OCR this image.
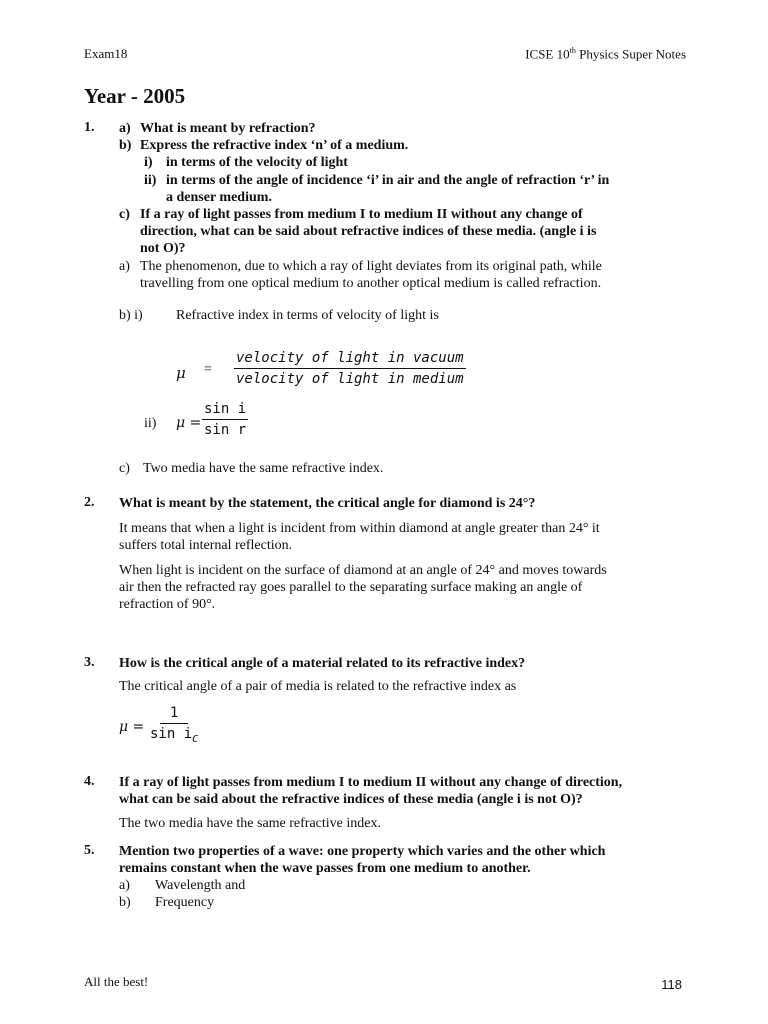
Exam18	ICSE 10th Physics Super Notes
Year - 2005
1. a) What is meant by refraction?
b) Express the refractive index ‘n’ of a medium.
i) in terms of the velocity of light
ii) in terms of the angle of incidence ‘i’ in air and the angle of refraction ‘r’ in
a denser medium.
c) If a ray of light passes from medium I to medium II without any change of
direction, what can be said about refractive indices of these media. (angle i is
not O)?
a) The phenomenon, due to which a ray of light deviates from its original path, while
travelling from one optical medium to another optical medium is called refraction.
b) i) Refractive index in terms of velocity of light is
$\mu = \frac{\text{velocity of light in vacuum}}{\text{velocity of light in medium}}$
ii) $\mu = \frac{\text{sin i}}{\text{sin r}}$
c) Two media have the same refractive index.
2. What is meant by the statement, the critical angle for diamond is 24°?
It means that when a light is incident from within diamond at angle greater than 24° it
suffers total internal reflection.
When light is incident on the surface of diamond at an angle of 24° and moves towards
air then the refracted ray goes parallel to the separating surface making an angle of
refraction of 90°.
3. How is the critical angle of a material related to its refractive index?
The critical angle of a pair of media is related to the refractive index as
$\mu = \frac{1}{\sin i_C}$
4. If a ray of light passes from medium I to medium II without any change of direction,
what can be said about the refractive indices of these media (angle i is not O)?
The two media have the same refractive index.
5. Mention two properties of a wave: one property which varies and the other which
remains constant when the wave passes from one medium to another.
a) Wavelength and
b) Frequency
All the best!	118
